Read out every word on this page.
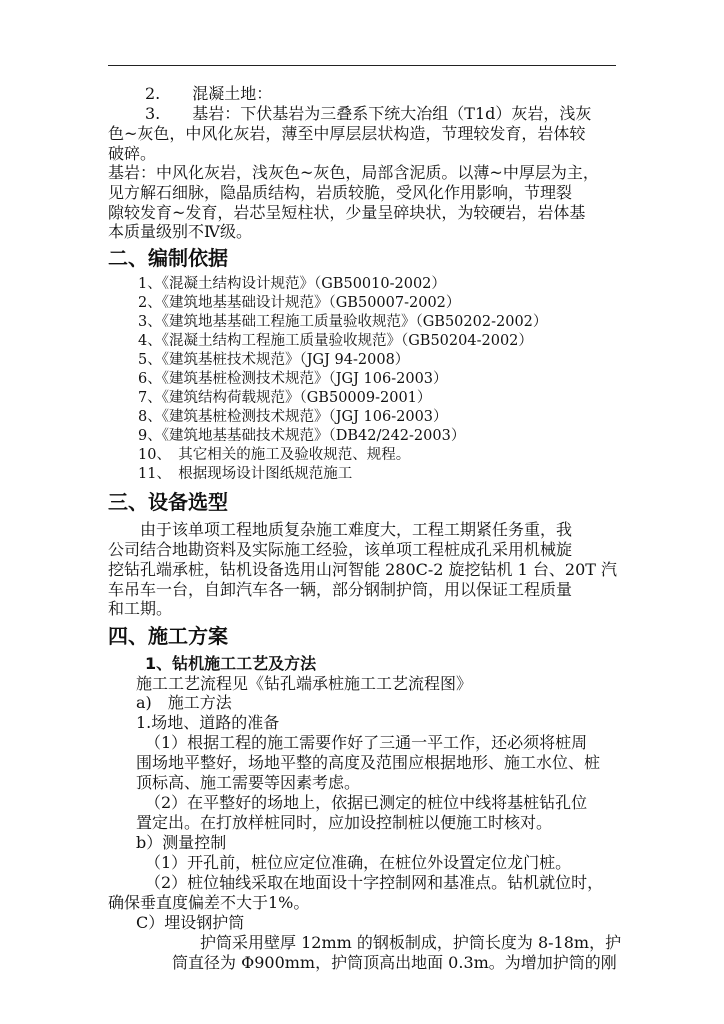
2.　　混凝土地：
3.　　基岩：下伏基岩为三叠系下统大冶组（T1d）灰岩，浅灰
色~灰色，中风化灰岩，薄至中厚层层状构造，节理较发育，岩体较
破碎。
基岩：中风化灰岩，浅灰色~灰色，局部含泥质。以薄~中厚层为主，
见方解石细脉，隐晶质结构，岩质较脆，受风化作用影响，节理裂
隙较发育~发育，岩芯呈短柱状，少量呈碎块状，为较硬岩，岩体基
本质量级别不Ⅳ级。
二、编制依据
1、《混凝土结构设计规范》（GB50010-2002）
2、《建筑地基基础设计规范》（GB50007-2002）
3、《建筑地基基础工程施工质量验收规范》（GB50202-2002）
4、《混凝土结构工程施工质量验收规范》（GB50204-2002）
5、《建筑基桩技术规范》（JGJ 94-2008）
6、《建筑基桩检测技术规范》（JGJ 106-2003）
7、《建筑结构荷载规范》（GB50009-2001）
8、《建筑基桩检测技术规范》（JGJ 106-2003）
9、《建筑地基基础技术规范》（DB42/242-2003）
10、　其它相关的施工及验收规范、规程。
11、　根据现场设计图纸规范施工
三、设备选型
　　由于该单项工程地质复杂施工难度大，工程工期紧任务重，我
公司结合地勘资料及实际施工经验，该单项工程桩成孔采用机械旋
挖钻孔端承桩，钻机设备选用山河智能 280C-2 旋挖钻机 1 台、20T 汽
车吊车一台，自卸汽车各一辆，部分钢制护筒，用以保证工程质量
和工期。
四、施工方案
1、钻机施工工艺及方法
施工工艺流程见《钻孔端承桩施工工艺流程图》
a)　施工方法
1.场地、道路的准备
（1）根据工程的施工需要作好了三通一平工作，还必须将桩周
围场地平整好，场地平整的高度及范围应根据地形、施工水位、桩
顶标高、施工需要等因素考虑。
（2）在平整好的场地上，依据已测定的桩位中线将基桩钻孔位
置定出。在打放样桩同时，应加设控制桩以便施工时核对。
b）测量控制
（1）开孔前，桩位应定位准确，在桩位外设置定位龙门桩。
（2）桩位轴线采取在地面设十字控制网和基准点。钻机就位时，
确保垂直度偏差不大于1%。
C）埋设钢护筒
护筒采用壁厚 12mm 的钢板制成，护筒长度为 8-18m，护
筒直径为 Φ900mm，护筒顶高出地面 0.3m。为增加护筒的刚
